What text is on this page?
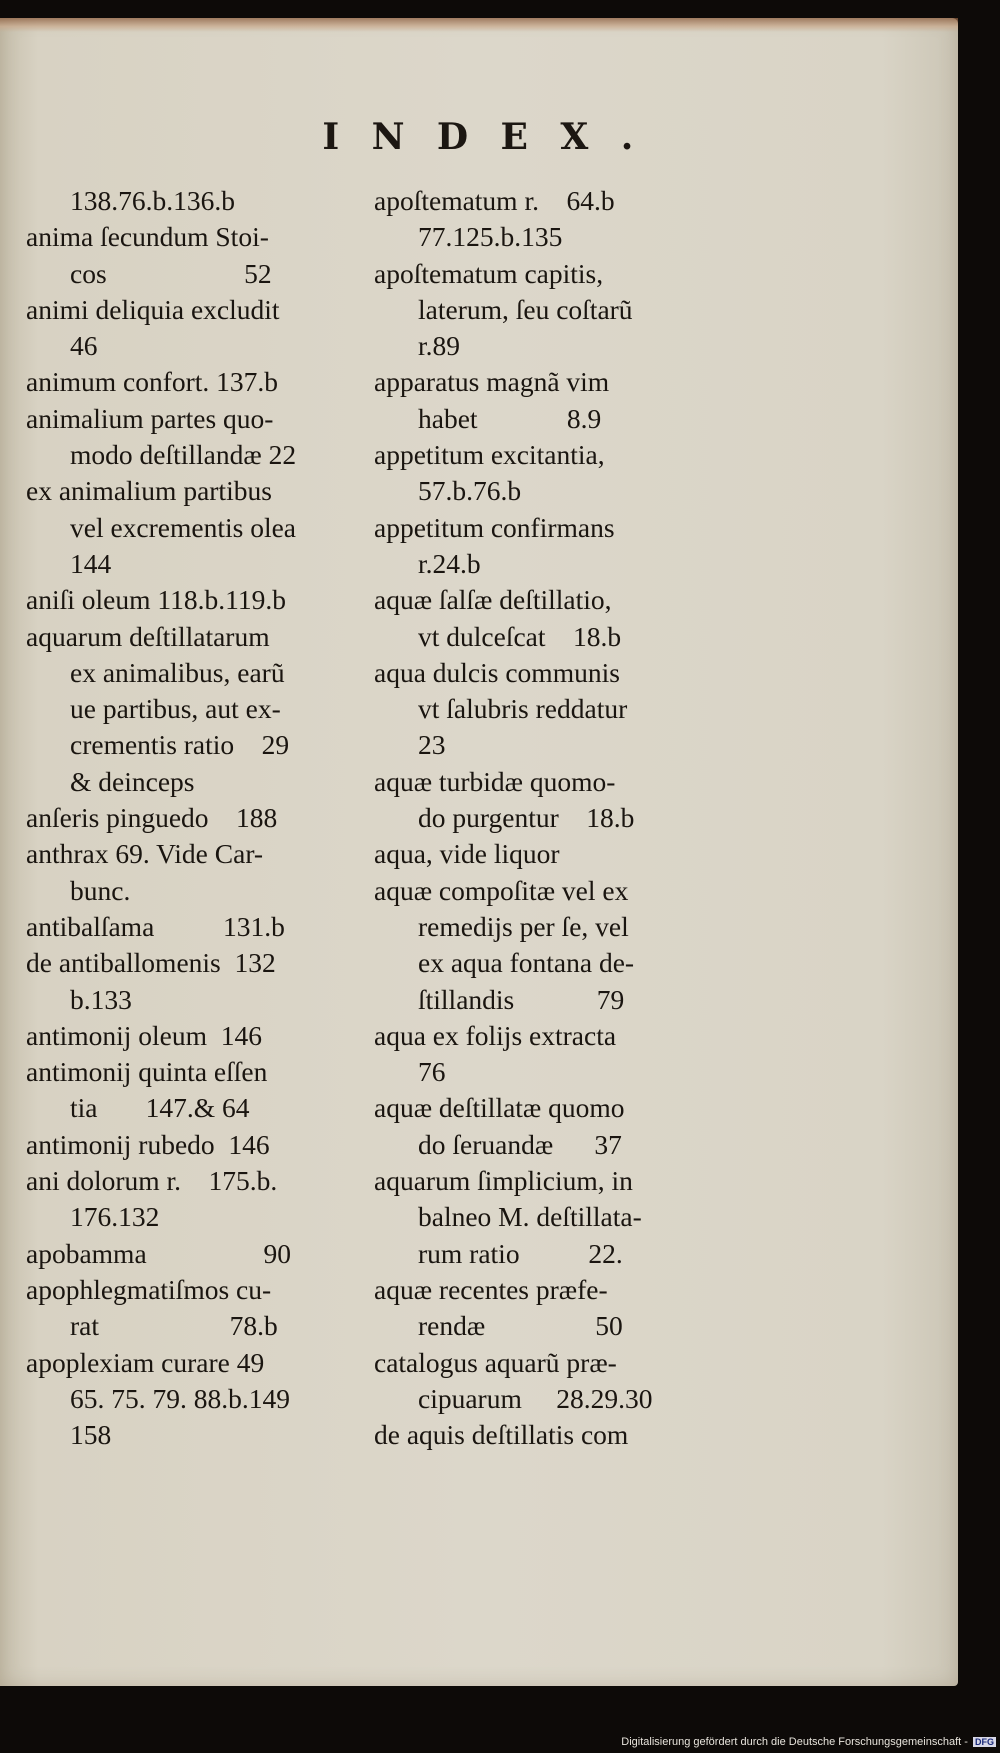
INDEX.
138.76.b.136.b
anima ſecundum Stoi-
cos                    52
animi deliquia excludit
46
animum confort. 137.b
animalium partes quo-
modo deſtillandæ 22
ex animalium partibus
vel excrementis olea
144
aniſi oleum 118.b.119.b
aquarum deſtillatarum
ex animalibus, earũ
ue partibus, aut ex-
crementis ratio    29
& deinceps
anſeris pinguedo    188
anthrax 69. Vide Car-
bunc.
antibalſama          131.b
de antiballomenis  132
b.133
antimonij oleum  146
antimonij quinta eſſen
tia       147.& 64
antimonij rubedo  146
ani dolorum r.    175.b.
176.132
apobamma                 90
apophlegmatiſmos cu-
rat                   78.b
apoplexiam curare 49
65. 75. 79. 88.b.149
158
apoſtematum r.    64.b
77.125.b.135
apoſtematum capitis,
laterum, ſeu coſtarũ
r.89
apparatus magnã vim
habet             8.9
appetitum excitantia,
57.b.76.b
appetitum confirmans
r.24.b
aquæ ſalſæ deſtillatio,
vt dulceſcat    18.b
aqua dulcis communis
vt ſalubris reddatur
23
aquæ turbidæ quomo-
do purgentur    18.b
aqua, vide liquor
aquæ compoſitæ vel ex
remedijs per ſe, vel
ex aqua fontana de-
ſtillandis            79
aqua ex folijs extracta
76
aquæ deſtillatæ quomo
do ſeruandæ      37
aquarum ſimplicium, in
balneo M. deſtillata-
rum ratio          22.
aquæ recentes præfe-
rendæ                50
catalogus aquarũ præ-
cipuarum     28.29.30
de aquis deſtillatis com
Digitalisierung gefördert durch die Deutsche Forschungsgemeinschaft - DFG
